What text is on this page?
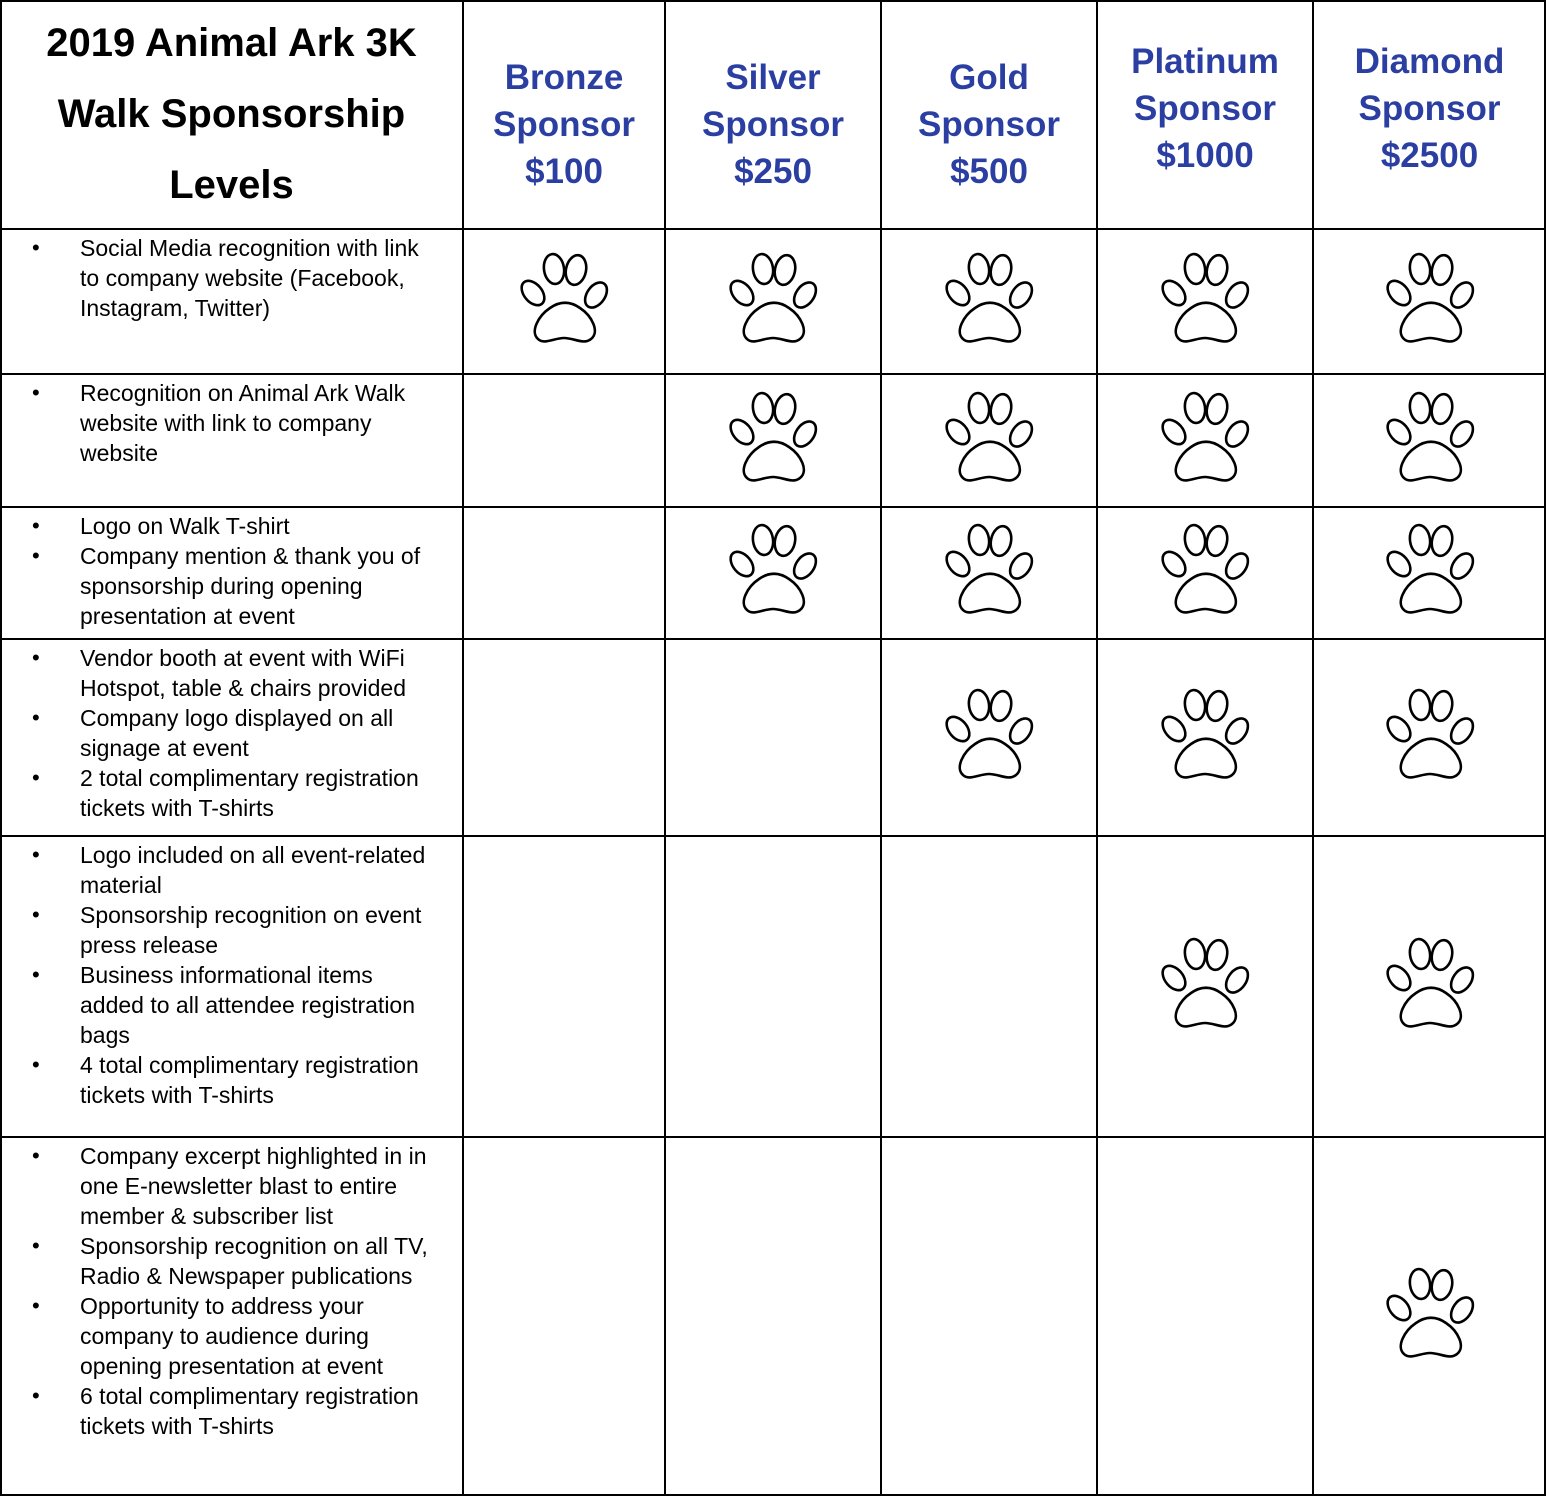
2019 Animal Ark 3K
Walk Sponsorship
Levels
Bronze
Sponsor
$100
Silver
Sponsor
$250
Gold
Sponsor
$500
Platinum
Sponsor
$1000
Diamond
Sponsor
$2500
• Social Media recognition with link to company website (Facebook, Instagram, Twitter)
• Recognition on Animal Ark Walk website with link to company website
• Logo on Walk T-shirt
• Company mention & thank you of sponsorship during opening presentation at event
• Vendor booth at event with WiFi Hotspot, table & chairs provided
• Company logo displayed on all signage at event
• 2 total complimentary registration tickets with T-shirts
• Logo included on all event-related material
• Sponsorship recognition on event press release
• Business informational items added to all attendee registration bags
• 4 total complimentary registration tickets with T-shirts
• Company excerpt highlighted in in one E-newsletter blast to entire member & subscriber list
• Sponsorship recognition on all TV, Radio & Newspaper publications
• Opportunity to address your company to audience during opening presentation at event
• 6 total complimentary registration tickets with T-shirts
